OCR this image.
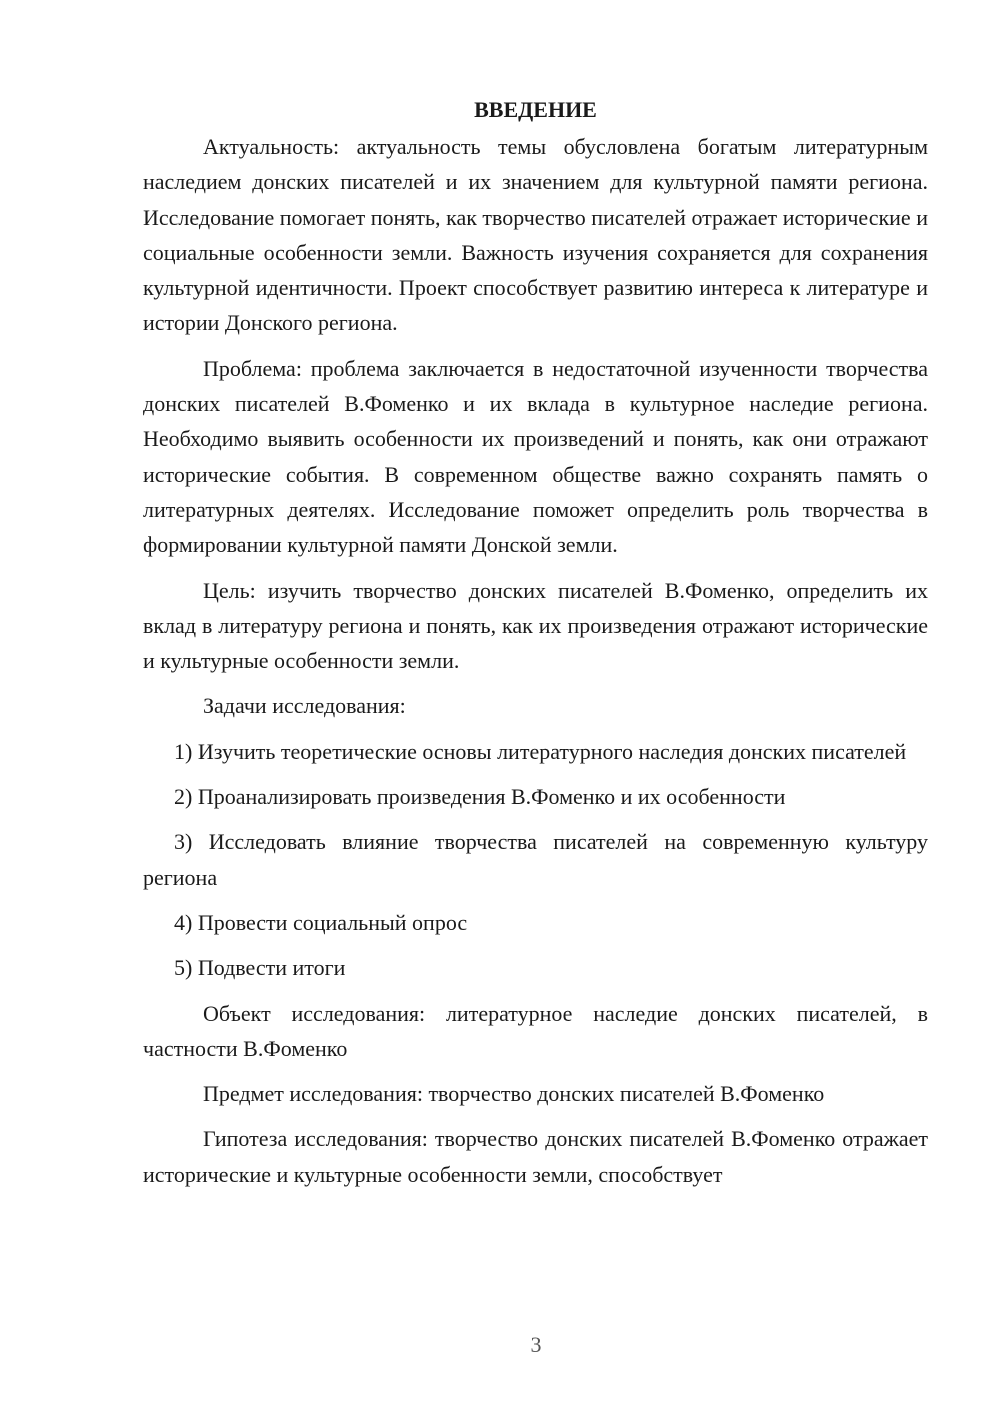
ВВЕДЕНИЕ

Актуальность: актуальность темы обусловлена богатым литературным наследием донских писателей и их значением для культурной памяти региона. Исследование помогает понять, как творчество писателей отражает исторические и социальные особенности земли. Важность изучения сохраняется для сохранения культурной идентичности. Проект способствует развитию интереса к литературе и истории Донского региона.

Проблема: проблема заключается в недостаточной изученности творчества донских писателей В.Фоменко и их вклада в культурное наследие региона. Необходимо выявить особенности их произведений и понять, как они отражают исторические события. В современном обществе важно сохранять память о литературных деятелях. Исследование поможет определить роль творчества в формировании культурной памяти Донской земли.

Цель: изучить творчество донских писателей В.Фоменко, определить их вклад в литературу региона и понять, как их произведения отражают исторические и культурные особенности земли.

Задачи исследования:

1) Изучить теоретические основы литературного наследия донских писателей

2) Проанализировать произведения В.Фоменко и их особенности

3) Исследовать влияние творчества писателей на современную культуру региона

4) Провести социальный опрос

5) Подвести итоги

Объект исследования: литературное наследие донских писателей, в частности В.Фоменко

Предмет исследования: творчество донских писателей В.Фоменко

Гипотеза исследования: творчество донских писателей В.Фоменко отражает исторические и культурные особенности земли, способствует

3
